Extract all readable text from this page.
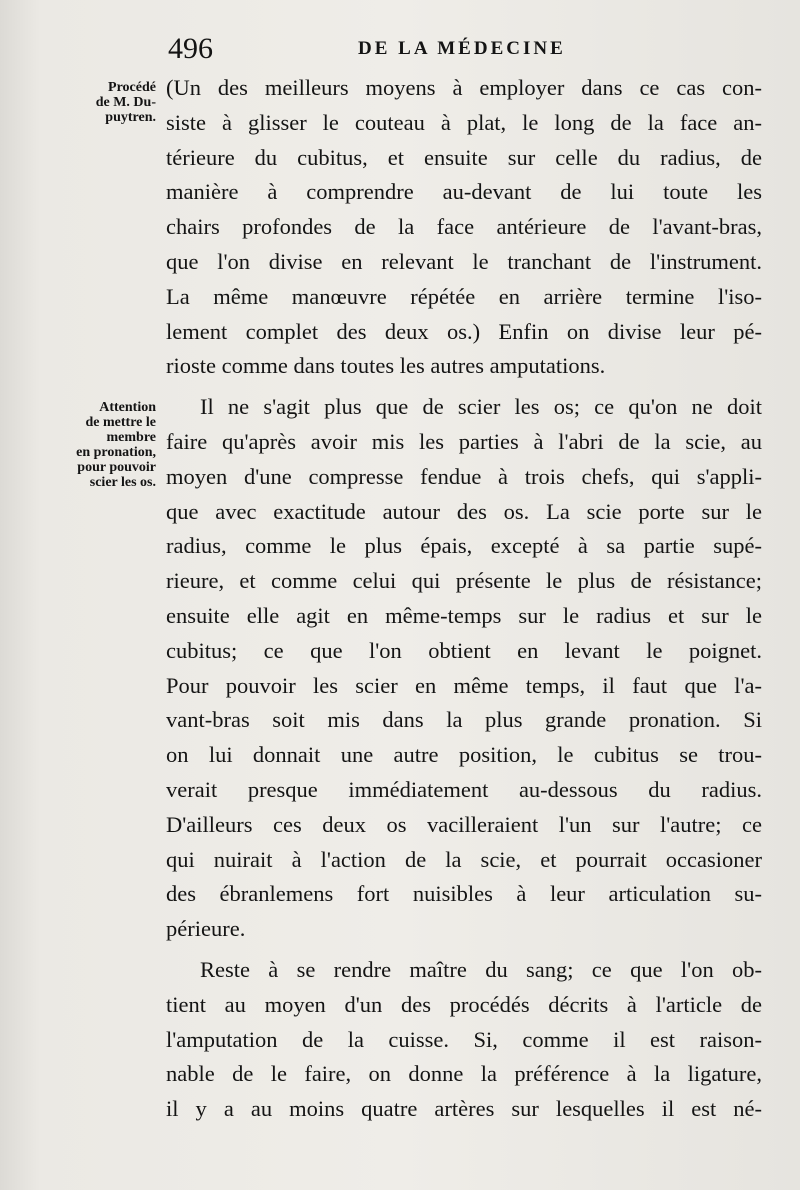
496	DE LA MÉDECINE
Procédé
de M. Du-
puytren.
Attention
de mettre le
membre
en pronation,
pour pouvoir
scier les os.
(Un des meilleurs moyens à employer dans ce cas con-
siste à glisser le couteau à plat, le long de la face an-
térieure du cubitus, et ensuite sur celle du radius, de
manière à comprendre au-devant de lui toute les
chairs profondes de la face antérieure de l'avant-bras,
que l'on divise en relevant le tranchant de l'instrument.
La même manœuvre répétée en arrière termine l'iso-
lement complet des deux os.) Enfin on divise leur pé-
rioste comme dans toutes les autres amputations.
Il ne s'agit plus que de scier les os; ce qu'on ne doit
faire qu'après avoir mis les parties à l'abri de la scie, au
moyen d'une compresse fendue à trois chefs, qui s'appli-
que avec exactitude autour des os. La scie porte sur le
radius, comme le plus épais, excepté à sa partie supé-
rieure, et comme celui qui présente le plus de résistance;
ensuite elle agit en même-temps sur le radius et sur le
cubitus; ce que l'on obtient en levant le poignet.
Pour pouvoir les scier en même temps, il faut que l'a-
vant-bras soit mis dans la plus grande pronation. Si
on lui donnait une autre position, le cubitus se trou-
verait presque immédiatement au-dessous du radius.
D'ailleurs ces deux os vacilleraient l'un sur l'autre; ce
qui nuirait à l'action de la scie, et pourrait occasioner
des ébranlemens fort nuisibles à leur articulation su-
périeure.
Reste à se rendre maître du sang; ce que l'on ob-
tient au moyen d'un des procédés décrits à l'article de
l'amputation de la cuisse. Si, comme il est raison-
nable de le faire, on donne la préférence à la ligature,
il y a au moins quatre artères sur lesquelles il est né-
